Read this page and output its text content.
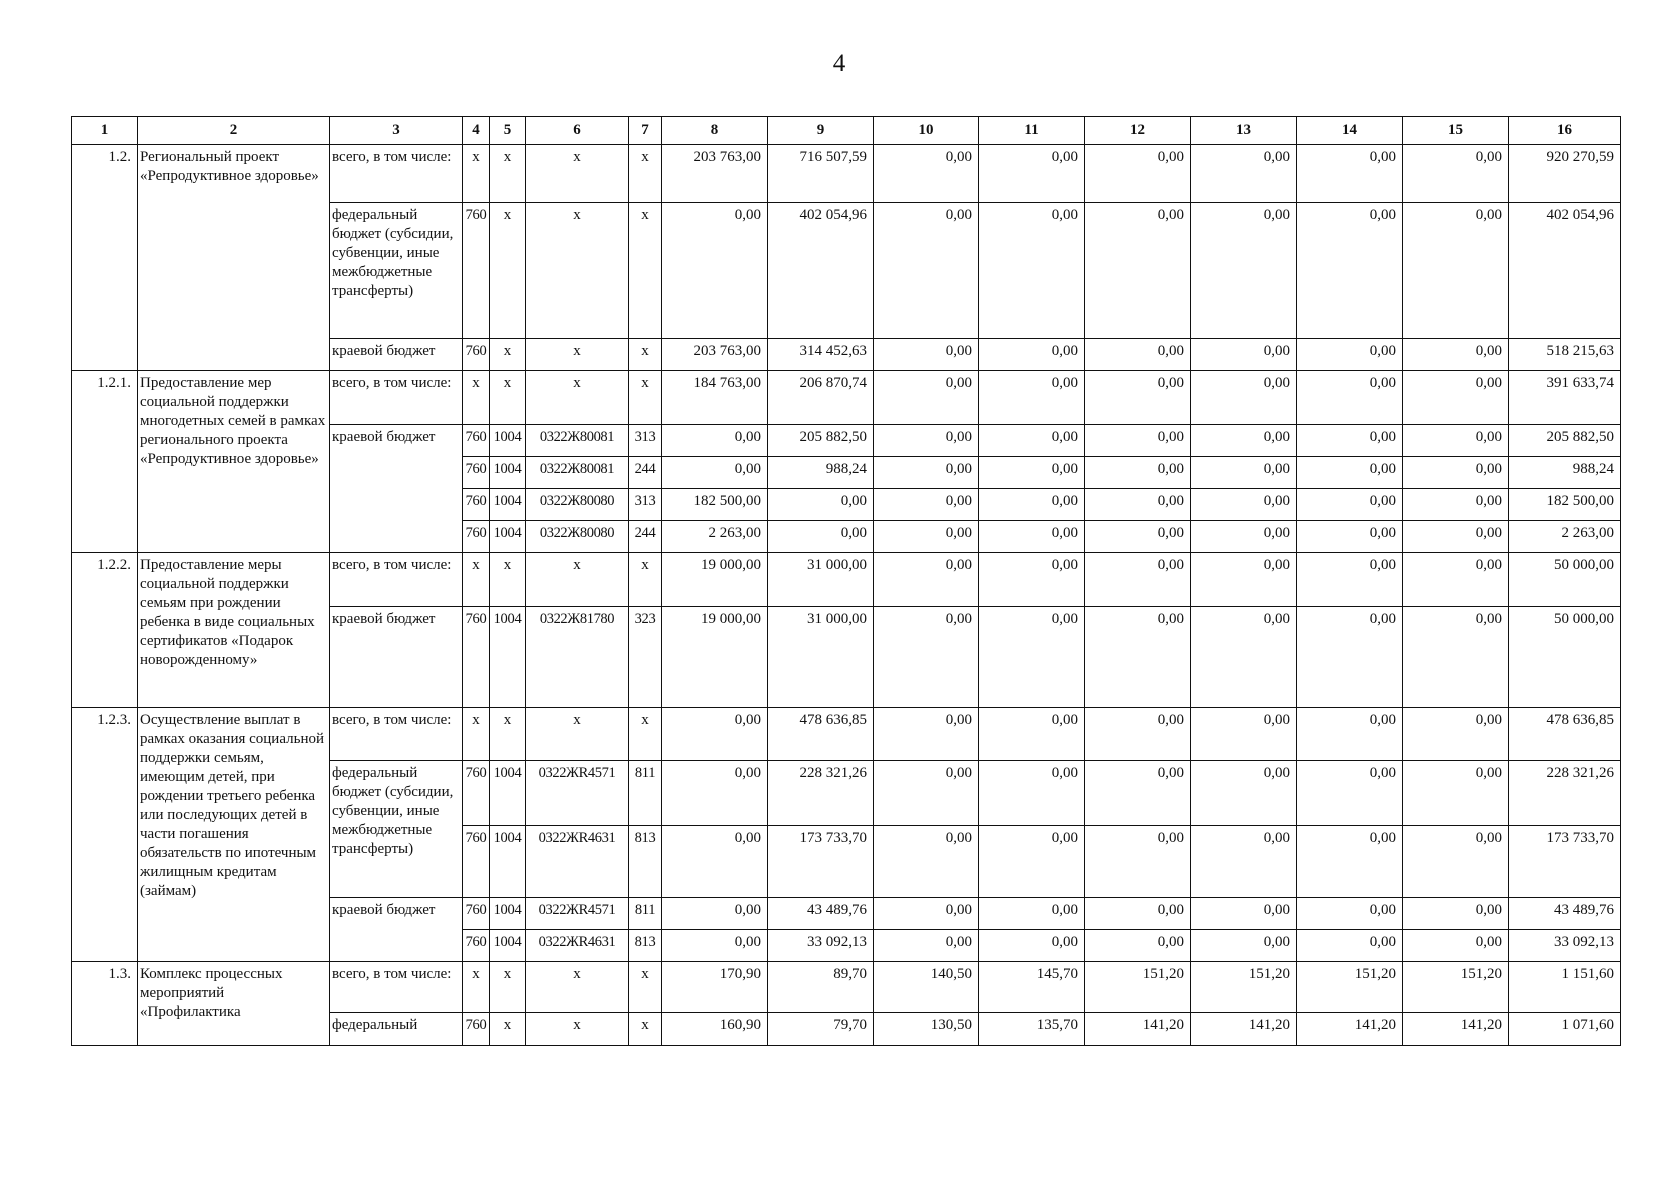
4
1	2	3	4	5	6	7	8	9	10	11	12	13	14	15	16
1.2.	Региональный проект «Репродуктивное здоровье»	всего, в том числе:	х	х	х	х	203 763,00	716 507,59	0,00	0,00	0,00	0,00	0,00	0,00	920 270,59
		федеральный бюджет (субсидии, субвенции, иные межбюджетные трансферты)	760	х	х	х	0,00	402 054,96	0,00	0,00	0,00	0,00	0,00	0,00	402 054,96
		краевой бюджет	760	х	х	х	203 763,00	314 452,63	0,00	0,00	0,00	0,00	0,00	0,00	518 215,63
1.2.1.	Предоставление мер социальной поддержки многодетных семей в рамках регионального проекта «Репродуктивное здоровье»	всего, в том числе:	х	х	х	х	184 763,00	206 870,74	0,00	0,00	0,00	0,00	0,00	0,00	391 633,74
		краевой бюджет	760	1004	0322Ж80081	313	0,00	205 882,50	0,00	0,00	0,00	0,00	0,00	0,00	205 882,50
			760	1004	0322Ж80081	244	0,00	988,24	0,00	0,00	0,00	0,00	0,00	0,00	988,24
			760	1004	0322Ж80080	313	182 500,00	0,00	0,00	0,00	0,00	0,00	0,00	0,00	182 500,00
			760	1004	0322Ж80080	244	2 263,00	0,00	0,00	0,00	0,00	0,00	0,00	0,00	2 263,00
1.2.2.	Предоставление меры социальной поддержки семьям при рождении ребенка в виде социальных сертификатов «Подарок новорожденному»	всего, в том числе:	х	х	х	х	19 000,00	31 000,00	0,00	0,00	0,00	0,00	0,00	0,00	50 000,00
		краевой бюджет	760	1004	0322Ж81780	323	19 000,00	31 000,00	0,00	0,00	0,00	0,00	0,00	0,00	50 000,00
1.2.3.	Осуществление выплат в рамках оказания социальной поддержки семьям, имеющим детей, при рождении третьего ребенка или последующих детей в части погашения обязательств по ипотечным жилищным кредитам (займам)	всего, в том числе:	х	х	х	х	0,00	478 636,85	0,00	0,00	0,00	0,00	0,00	0,00	478 636,85
		федеральный бюджет (субсидии, субвенции, иные межбюджетные трансферты)	760	1004	0322ЖR4571	811	0,00	228 321,26	0,00	0,00	0,00	0,00	0,00	0,00	228 321,26
			760	1004	0322ЖR4631	813	0,00	173 733,70	0,00	0,00	0,00	0,00	0,00	0,00	173 733,70
		краевой бюджет	760	1004	0322ЖR4571	811	0,00	43 489,76	0,00	0,00	0,00	0,00	0,00	0,00	43 489,76
			760	1004	0322ЖR4631	813	0,00	33 092,13	0,00	0,00	0,00	0,00	0,00	0,00	33 092,13
1.3.	Комплекс процессных мероприятий «Профилактика	всего, в том числе:	х	х	х	х	170,90	89,70	140,50	145,70	151,20	151,20	151,20	151,20	1 151,60
		федеральный	760	х	х	х	160,90	79,70	130,50	135,70	141,20	141,20	141,20	141,20	1 071,60
